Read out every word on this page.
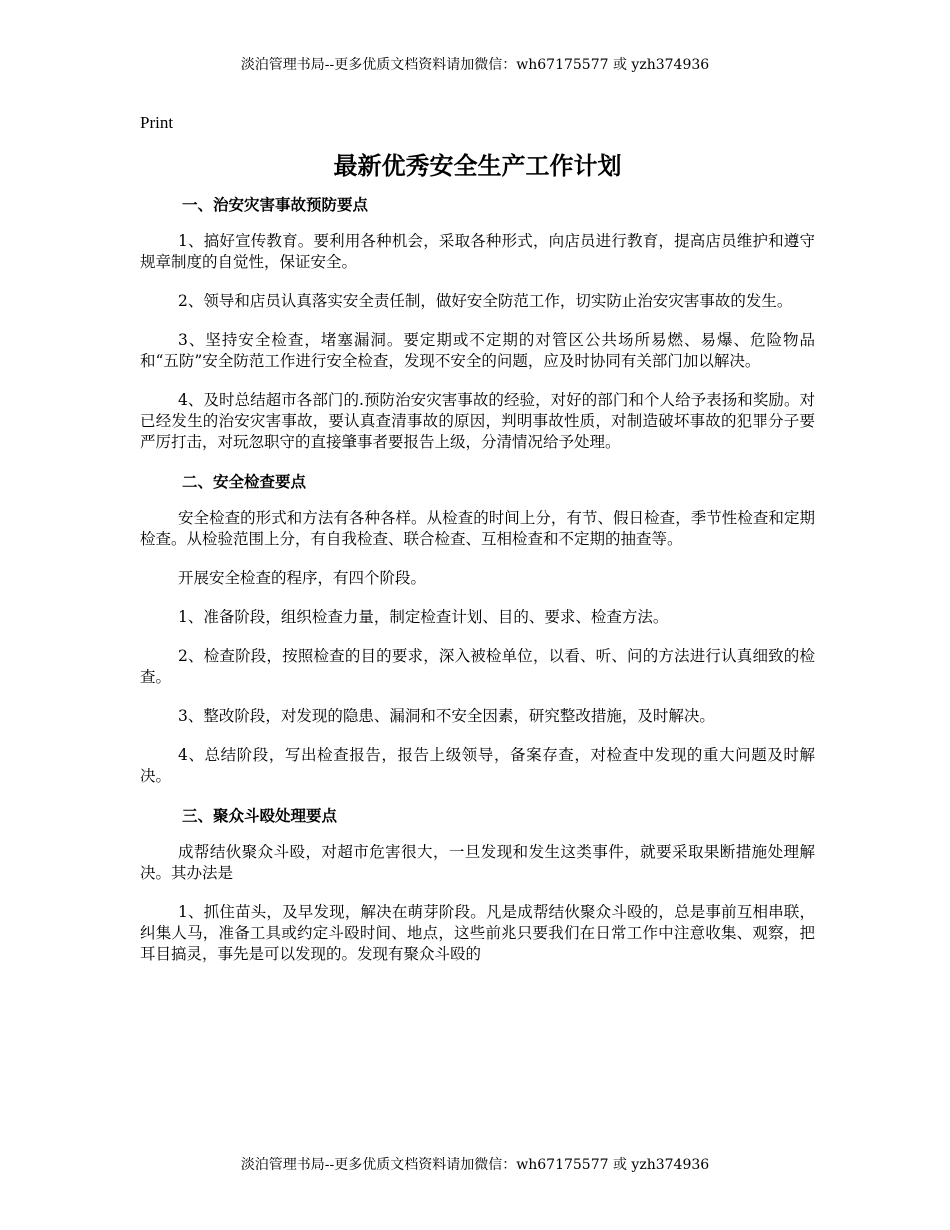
淡泊管理书局--更多优质文档资料请加微信：wh67175577 或 yzh374936
Print
最新优秀安全生产工作计划
一、治安灾害事故预防要点

1、搞好宣传教育。要利用各种机会，采取各种形式，向店员进行教育，提高店员维护和遵守规章制度的自觉性，保证安全。

2、领导和店员认真落实安全责任制，做好安全防范工作，切实防止治安灾害事故的发生。

3、坚持安全检查，堵塞漏洞。要定期或不定期的对管区公共场所易燃、易爆、危险物品和“五防”安全防范工作进行安全检查，发现不安全的问题，应及时协同有关部门加以解决。

4、及时总结超市各部门的.预防治安灾害事故的经验，对好的部门和个人给予表扬和奖励。对已经发生的治安灾害事故，要认真查清事故的原因，判明事故性质，对制造破坏事故的犯罪分子要严厉打击，对玩忽职守的直接肇事者要报告上级，分清情况给予处理。

二、安全检查要点

安全检查的形式和方法有各种各样。从检查的时间上分，有节、假日检查，季节性检查和定期检查。从检验范围上分，有自我检查、联合检查、互相检查和不定期的抽查等。

开展安全检查的程序，有四个阶段。

1、准备阶段，组织检查力量，制定检查计划、目的、要求、检查方法。

2、检查阶段，按照检查的目的要求，深入被检单位，以看、听、问的方法进行认真细致的检查。

3、整改阶段，对发现的隐患、漏洞和不安全因素，研究整改措施，及时解决。

4、总结阶段，写出检查报告，报告上级领导，备案存查，对检查中发现的重大问题及时解决。

三、聚众斗殴处理要点

成帮结伙聚众斗殴，对超市危害很大，一旦发现和发生这类事件，就要采取果断措施处理解决。其办法是

1、抓住苗头，及早发现，解决在萌芽阶段。凡是成帮结伙聚众斗殴的，总是事前互相串联，纠集人马，准备工具或约定斗殴时间、地点，这些前兆只要我们在日常工作中注意收集、观察，把耳目搞灵，事先是可以发现的。发现有聚众斗殴的

淡泊管理书局--更多优质文档资料请加微信：wh67175577 或 yzh374936
